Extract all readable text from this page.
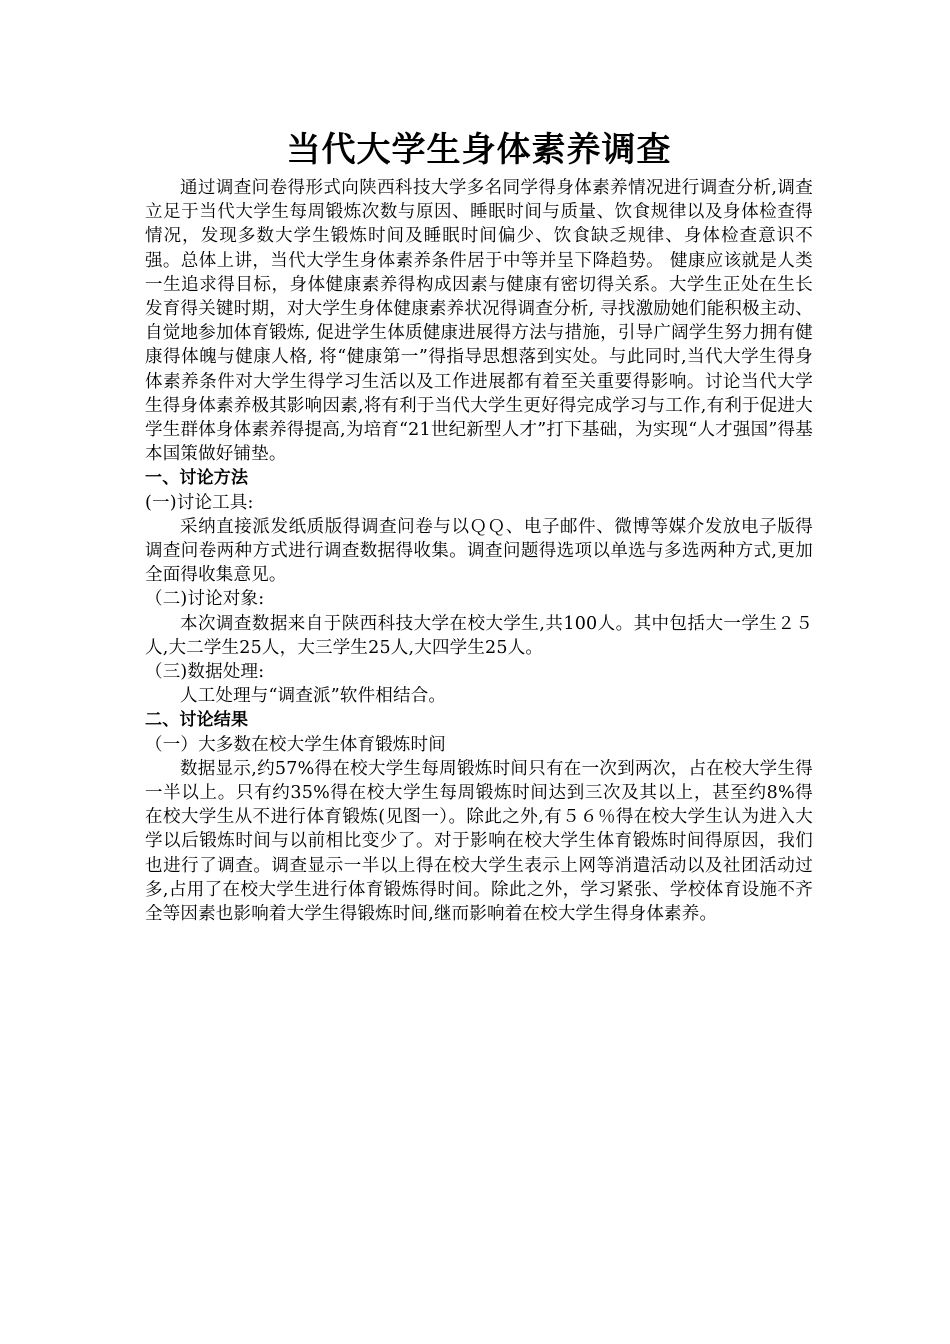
当代大学生身体素养调查

通过调查问卷得形式向陕西科技大学多名同学得身体素养情况进行调查分析,调查立足于当代大学生每周锻炼次数与原因、睡眠时间与质量、饮食规律以及身体检查得情况，发现多数大学生锻炼时间及睡眠时间偏少、饮食缺乏规律、身体检查意识不强。总体上讲，当代大学生身体素养条件居于中等并呈下降趋势。 健康应该就是人类一生追求得目标，身体健康素养得构成因素与健康有密切得关系。大学生正处在生长发育得关键时期，对大学生身体健康素养状况得调查分析, 寻找激励她们能积极主动、自觉地参加体育锻炼, 促进学生体质健康进展得方法与措施，引导广阔学生努力拥有健康得体魄与健康人格, 将“健康第一”得指导思想落到实处。与此同时,当代大学生得身体素养条件对大学生得学习生活以及工作进展都有着至关重要得影响。讨论当代大学生得身体素养极其影响因素,将有利于当代大学生更好得完成学习与工作,有利于促进大学生群体身体素养得提高,为培育“21世纪新型人才”打下基础，为实现“人才强国”得基本国策做好铺垫。

一、讨论方法

(一)讨论工具:

采纳直接派发纸质版得调查问卷与以ＱＱ、电子邮件、微博等媒介发放电子版得调查问卷两种方式进行调查数据得收集。调查问题得选项以单选与多选两种方式,更加全面得收集意见。

（二)讨论对象:

本次调查数据来自于陕西科技大学在校大学生,共100人。其中包括大一学生２５人,大二学生25人，大三学生25人,大四学生25人。

（三)数据处理:

人工处理与“调查派”软件相结合。

二、讨论结果

（一）大多数在校大学生体育锻炼时间

数据显示,约57%得在校大学生每周锻炼时间只有在一次到两次，占在校大学生得一半以上。只有约35%得在校大学生每周锻炼时间达到三次及其以上，甚至约8%得在校大学生从不进行体育锻炼(见图一）。除此之外,有５６％得在校大学生认为进入大学以后锻炼时间与以前相比变少了。对于影响在校大学生体育锻炼时间得原因，我们也进行了调查。调查显示一半以上得在校大学生表示上网等消遣活动以及社团活动过多,占用了在校大学生进行体育锻炼得时间。除此之外，学习紧张、学校体育设施不齐全等因素也影响着大学生得锻炼时间,继而影响着在校大学生得身体素养。
